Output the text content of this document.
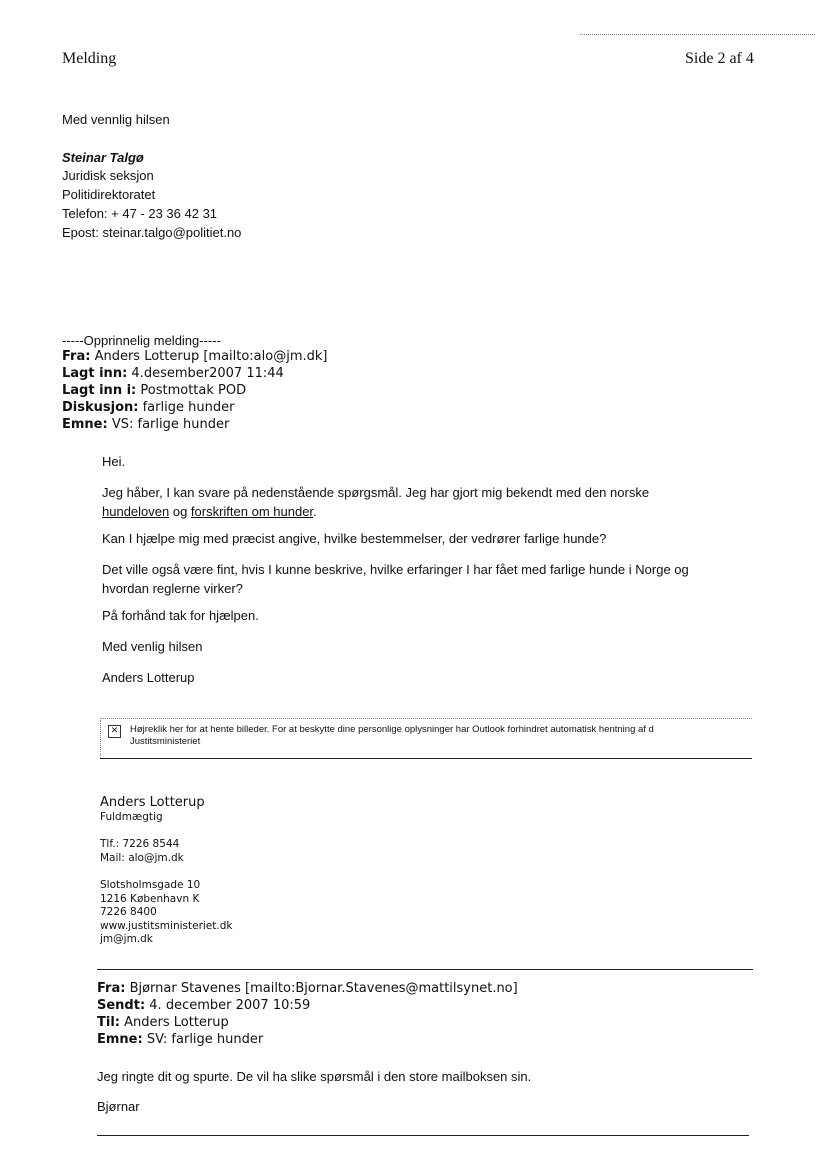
Melding	Side 2 af 4
Med vennlig hilsen
Steinar Talgø
Juridisk seksjon
Politidirektoratet
Telefon: + 47 - 23 36 42 31
Epost: steinar.talgo@politiet.no
-----Opprinnelig melding-----
Fra: Anders Lotterup [mailto:alo@jm.dk]
Lagt inn: 4.desember2007 11:44
Lagt inn i: Postmottak POD
Diskusjon: farlige hunder
Emne: VS: farlige hunder
Hei.
Jeg håber, I kan svare på nedenstående spørgsmål. Jeg har gjort mig bekendt med den norske
hundeloven og forskriften om hunder.
Kan I hjælpe mig med præcist angive, hvilke bestemmelser, der vedrører farlige hunde?
Det ville også være fint, hvis I kunne beskrive, hvilke erfaringer I har fået med farlige hunde i Norge og
hvordan reglerne virker?
På forhånd tak for hjælpen.
Med venlig hilsen
Anders Lotterup
✕ Højreklik her for at hente billeder. For at beskytte dine personlige oplysninger har Outlook forhindret automatisk hentning af d
Justitsministeriet
Anders Lotterup
Fuldmægtig
Tlf.: 7226 8544
Mail: alo@jm.dk
Slotsholmsgade 10
1216 København K
7226 8400
www.justitsministeriet.dk
jm@jm.dk
Fra: Bjørnar Stavenes [mailto:Bjornar.Stavenes@mattilsynet.no]
Sendt: 4. december 2007 10:59
Til: Anders Lotterup
Emne: SV: farlige hunder
Jeg ringte dit og spurte. De vil ha slike spørsmål i den store mailboksen sin.
Bjørnar
